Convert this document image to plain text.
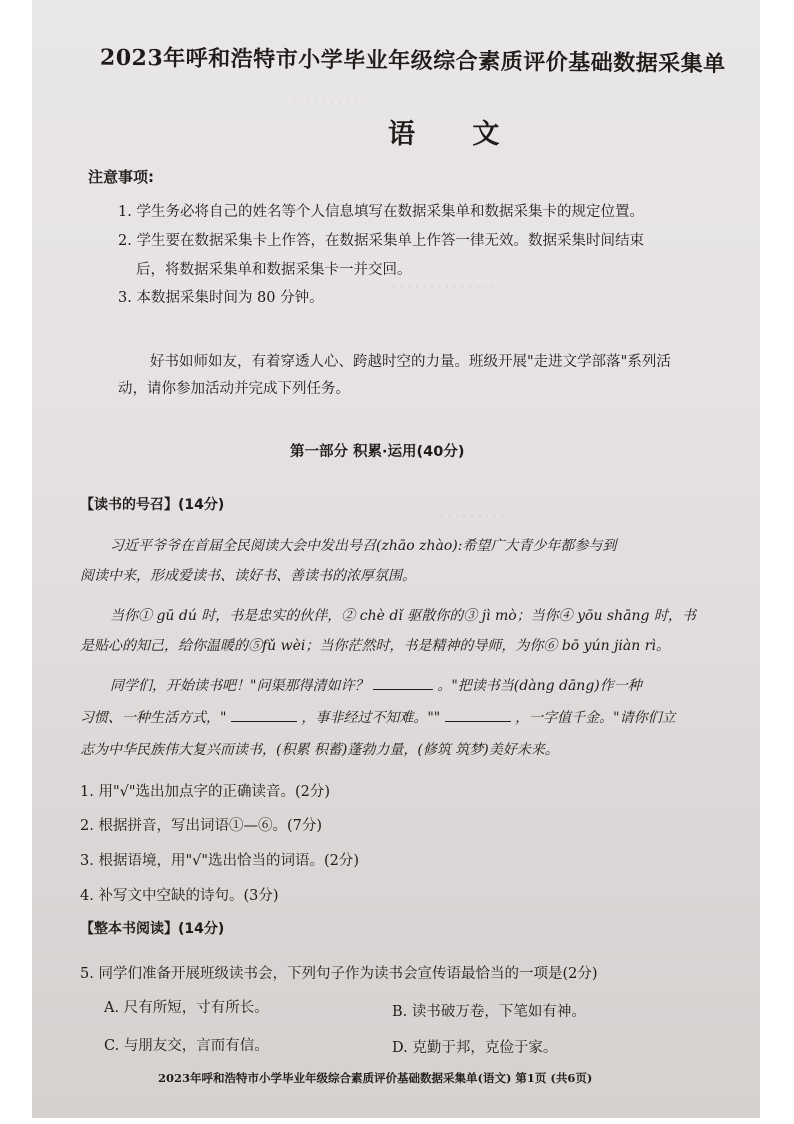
· · · · · · · · · ·
· · · · · · · · · · · · · ·
· · · · · · · · · · · ·
2023年呼和浩特市小学毕业年级综合素质评价基础数据采集单
语 文
注意事项:
1. 学生务必将自己的姓名等个人信息填写在数据采集单和数据采集卡的规定位置。
2. 学生要在数据采集卡上作答，在数据采集单上作答一律无效。数据采集时间结束
后，将数据采集单和数据采集卡一并交回。
3. 本数据采集时间为 80 分钟。
好书如师如友，有着穿透人心、跨越时空的力量。班级开展"走进文学部落"系列活
动，请你参加活动并完成下列任务。
第一部分 积累·运用(40分)
【读书的号召】(14分)
习近平爷爷在首届全民阅读大会中发出号召(zhāo zhào):希望广大青少年都参与到
阅读中来，形成爱读书、读好书、善读书的浓厚氛围。
当你① gū dú 时，书是忠实的伙伴，② chè dǐ 驱散你的③ jì mò；当你④ yōu shāng 时，书
是贴心的知己，给你温暖的⑤fǔ wèi；当你茫然时，书是精神的导师，为你⑥ bō yún jiàn rì。
同学们，开始读书吧！"问渠那得清如许？	。"把读书当(dàng dāng)作一种
习惯、一种生活方式，"	，事非经过不知难。""	，一字值千金。"请你们立
志为中华民族伟大复兴而读书，(积累 积蓄)蓬勃力量，(修筑 筑梦)美好未来。
1. 用"√"选出加点字的正确读音。(2分)
2. 根据拼音，写出词语①—⑥。(7分)
3. 根据语境，用"√"选出恰当的词语。(2分)
4. 补写文中空缺的诗句。(3分)
【整本书阅读】(14分)
5. 同学们准备开展班级读书会，下列句子作为读书会宣传语最恰当的一项是(2分)
A. 尺有所短，寸有所长。	B. 读书破万卷，下笔如有神。
C. 与朋友交，言而有信。	D. 克勤于邦，克俭于家。
2023年呼和浩特市小学毕业年级综合素质评价基础数据采集单(语文) 第1页 (共6页)
